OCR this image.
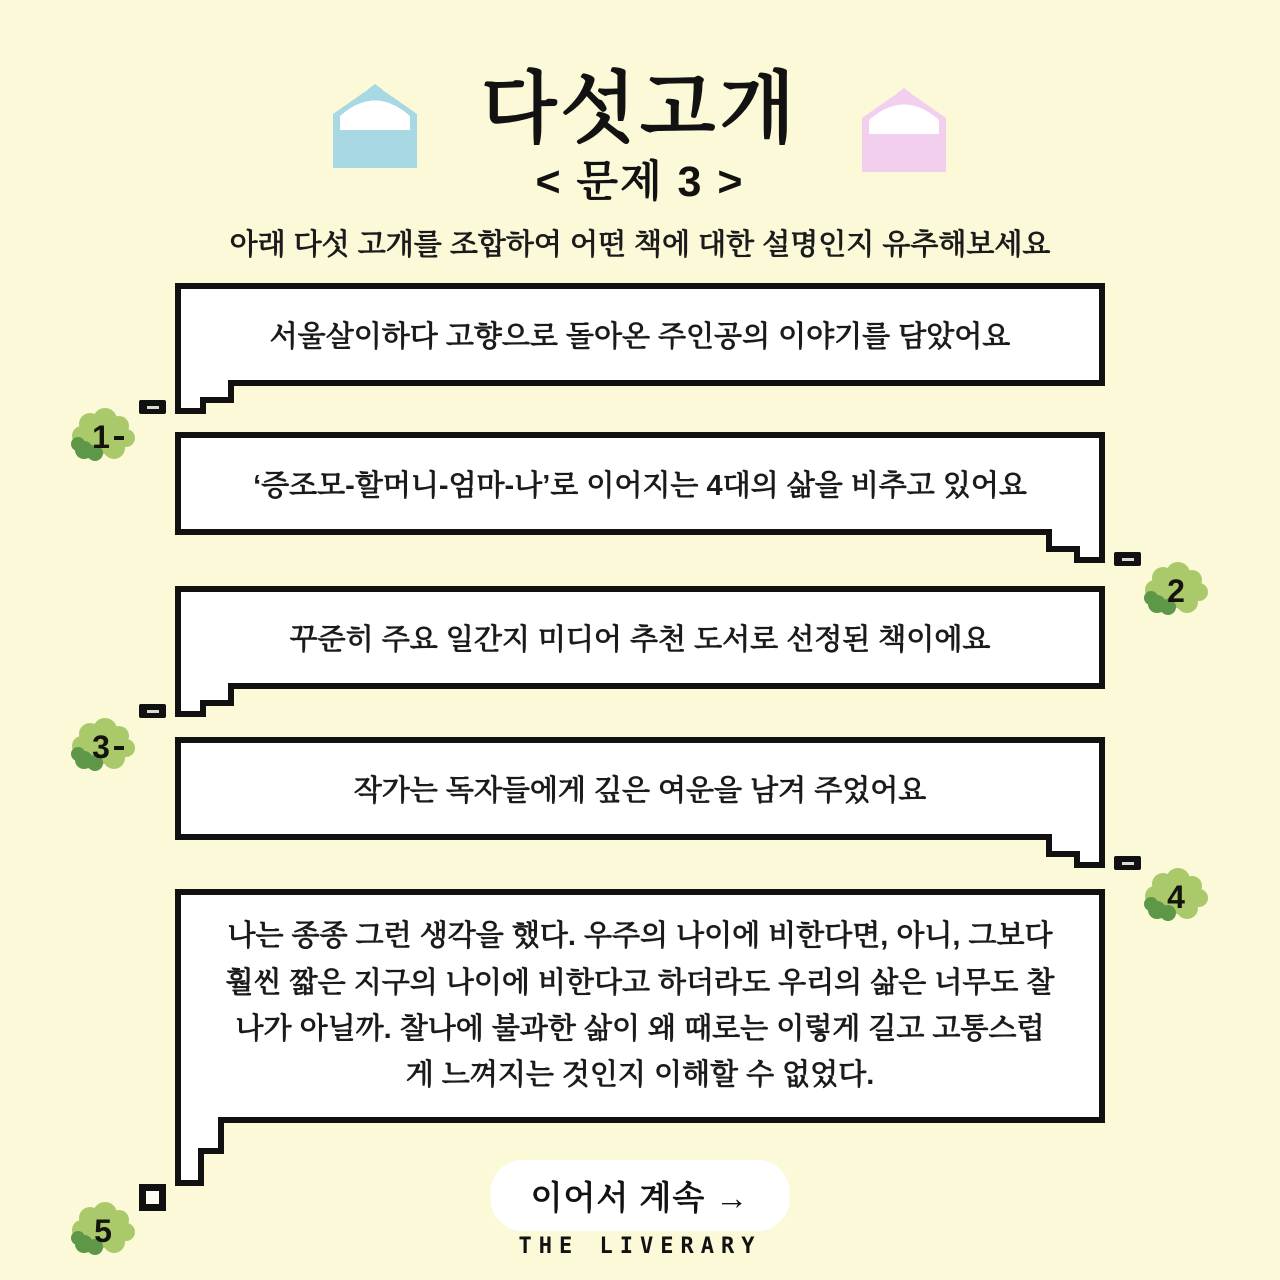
다섯고개
< 문제 3 >
아래 다섯 고개를 조합하여 어떤 책에 대한 설명인지 유추해보세요

서울살이하다 고향으로 돌아온 주인공의 이야기를 담았어요

1

‘증조모-할머니-엄마-나’로 이어지는 4대의 삶을 비추고 있어요

2

꾸준히 주요 일간지 미디어 추천 도서로 선정된 책이에요

3

작가는 독자들에게 깊은 여운을 남겨 주었어요

4

나는 종종 그런 생각을 했다. 우주의 나이에 비한다면, 아니, 그보다 훨씬 짧은 지구의 나이에 비한다고 하더라도 우리의 삶은 너무도 찰나가 아닐까. 찰나에 불과한 삶이 왜 때로는 이렇게 길고 고통스럽게 느껴지는 것인지 이해할 수 없었다.

5
이어서 계속 →
THE LIVERARY
